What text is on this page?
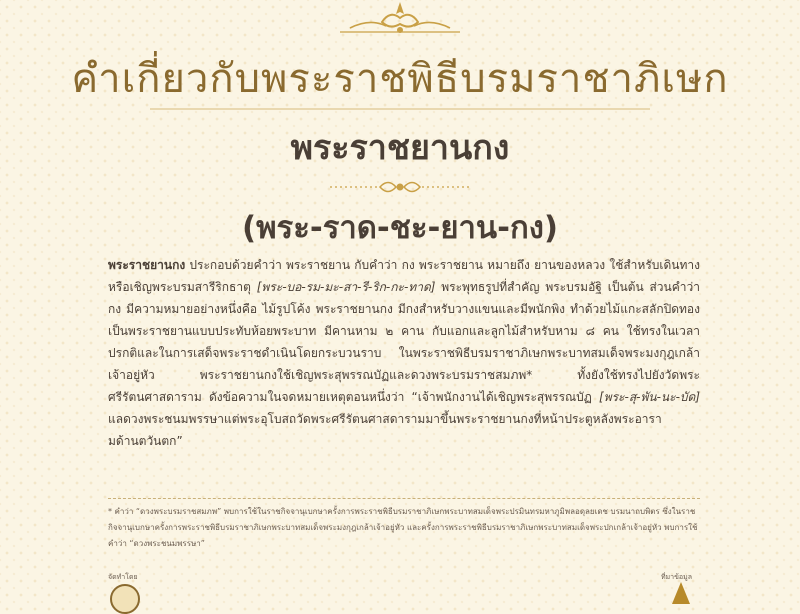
คำเกี่ยวกับพระราชพิธีบรมราชาภิเษก
พระราชยานกง
(พระ-ราด-ชะ-ยาน-กง)
พระราชยานกง ประกอบด้วยคำว่า พระราชยาน กับคำว่า กง พระราชยาน หมายถึง ยานของหลวง ใช้สำหรับเดินทางหรือเชิญพระบรมสารีริกธาตุ [พระ-บอ-รม-มะ-สา-รี-ริก-กะ-ทาด] พระพุทธรูปที่สำคัญ พระบรมอัฐิ เป็นต้น ส่วนคำว่า กง มีความหมายอย่างหนึ่งคือ ไม้รูปโค้ง พระราชยานกง มีกงสำหรับวางแขนและมีพนักพิง ทำด้วยไม้แกะสลักปิดทอง เป็นพระราชยานแบบประทับห้อยพระบาท มีคานหาม ๒ คาน กับแอกและลูกไม้สำหรับหาม ๘ คน ใช้ทรงในเวลาปรกติและในการเสด็จพระราชดำเนินโดยกระบวนราบ ในพระราชพิธีบรมราชาภิเษกพระบาทสมเด็จพระมงกุฎเกล้าเจ้าอยู่หัว พระราชยานกงใช้เชิญพระสุพรรณบัฏและดวงพระบรมราชสมภพ* ทั้งยังใช้ทรงไปยังวัดพระศรีรัตนศาสดาราม ดังข้อความในจดหมายเหตุตอนหนึ่งว่า “เจ้าพนักงานได้เชิญพระสุพรรณบัฏ [พระ-สุ-พัน-นะ-บัด] แลดวงพระชนมพรรษาแต่พระอุโบสถวัดพระศรีรัตนศาสดารามมาขึ้นพระราชยานกงที่หน้าประตูหลังพระอารามด้านตวันตก”
* คำว่า “ดวงพระบรมราชสมภพ” พบการใช้ในราชกิจจานุเบกษาครั้งการพระราชพิธีบรมราชาภิเษกพระบาทสมเด็จพระปรมินทรมหาภูมิพลอดุลยเดช บรมนาถบพิตร ซึ่งในราชกิจจานุเบกษาครั้งการพระราชพิธีบรมราชาภิเษกพระบาทสมเด็จพระมงกุฎเกล้าเจ้าอยู่หัว และครั้งการพระราชพิธีบรมราชาภิเษกพระบาทสมเด็จพระปกเกล้าเจ้าอยู่หัว พบการใช้คำว่า “ดวงพระชนมพรรษา”
จัดทำโดย	ที่มาข้อมูล
